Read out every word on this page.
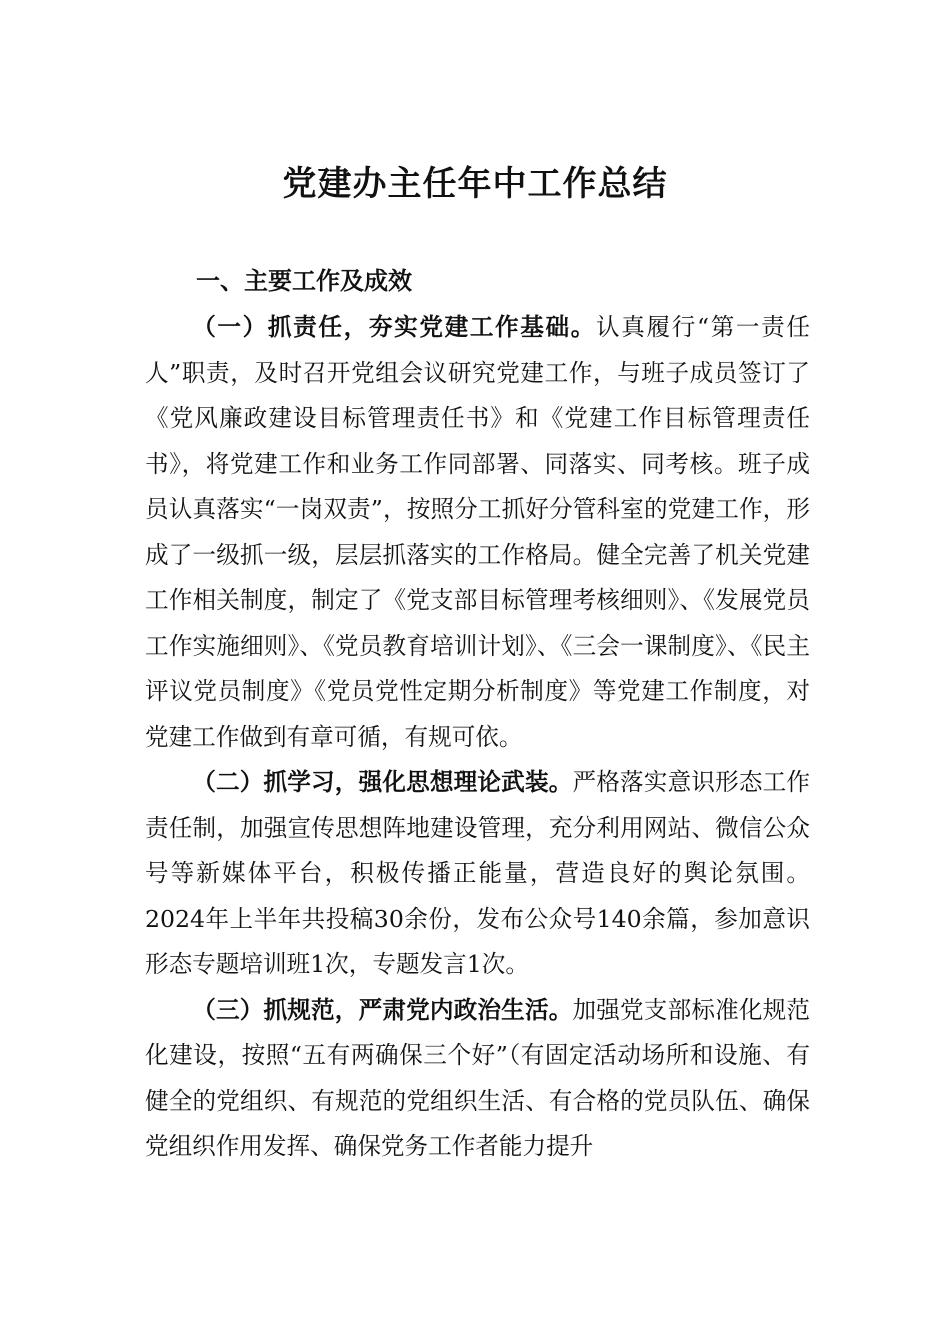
党建办主任年中工作总结
一、主要工作及成效

（一）抓责任，夯实党建工作基础。认真履行“第一责任人”职责，及时召开党组会议研究党建工作，与班子成员签订了《党风廉政建设目标管理责任书》和《党建工作目标管理责任书》，将党建工作和业务工作同部署、同落实、同考核。班子成员认真落实“一岗双责”，按照分工抓好分管科室的党建工作，形成了一级抓一级，层层抓落实的工作格局。健全完善了机关党建工作相关制度，制定了《党支部目标管理考核细则》、《发展党员工作实施细则》、《党员教育培训计划》、《三会一课制度》、《民主评议党员制度》《党员党性定期分析制度》等党建工作制度，对党建工作做到有章可循，有规可依。

（二）抓学习，强化思想理论武装。严格落实意识形态工作责任制，加强宣传思想阵地建设管理，充分利用网站、微信公众号等新媒体平台，积极传播正能量，营造良好的舆论氛围。2024年上半年共投稿30余份，发布公众号140余篇，参加意识形态专题培训班1次，专题发言1次。

（三）抓规范，严肃党内政治生活。加强党支部标准化规范化建设，按照“五有两确保三个好”（有固定活动场所和设施、有健全的党组织、有规范的党组织生活、有合格的党员队伍、确保党组织作用发挥、确保党务工作者能力提升
